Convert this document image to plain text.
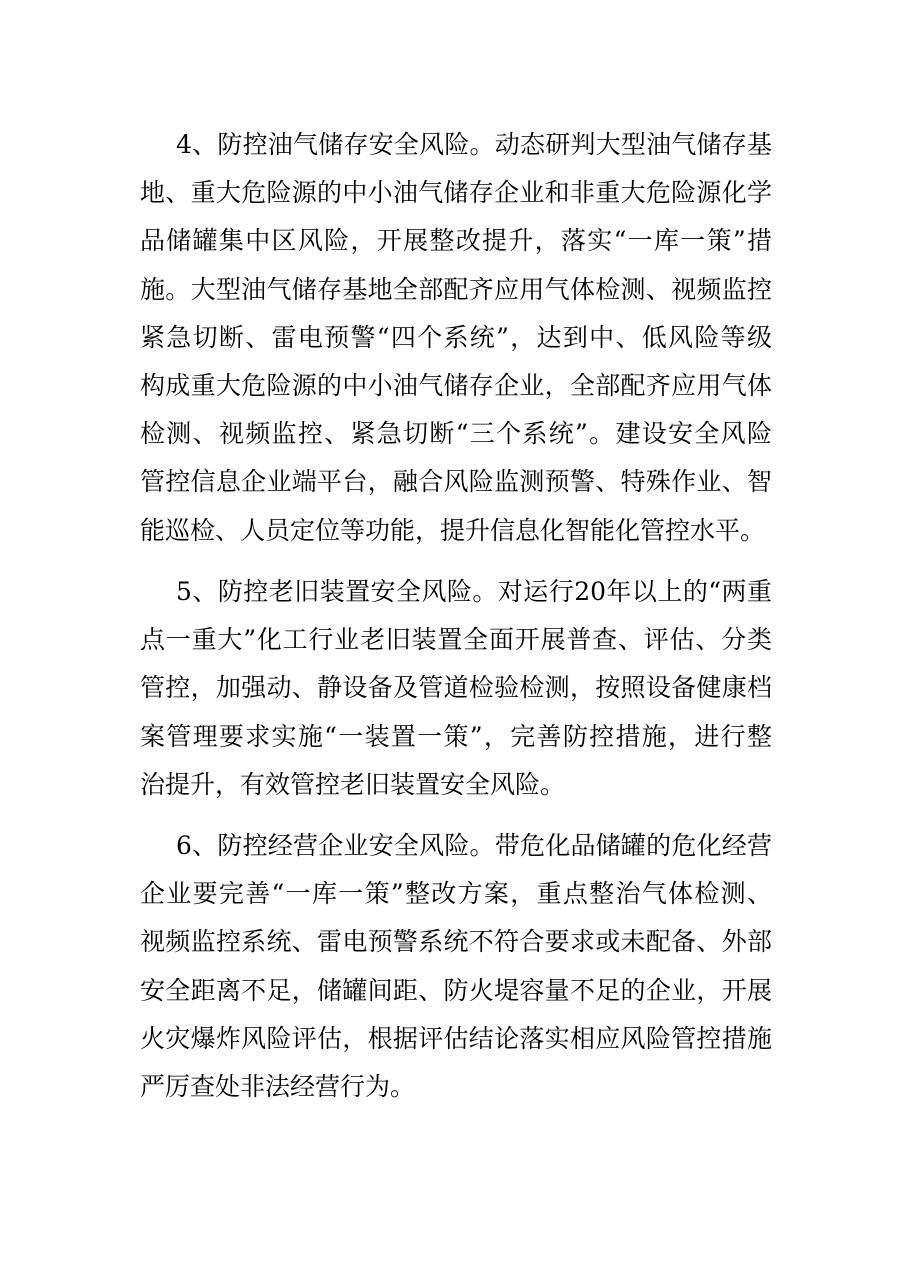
4、防控油气储存安全风险。动态研判大型油气储存基
地、重大危险源的中小油气储存企业和非重大危险源化学
品储罐集中区风险，开展整改提升，落实“一库一策”措
施。大型油气储存基地全部配齐应用气体检测、视频监控
紧急切断、雷电预警“四个系统”，达到中、低风险等级
构成重大危险源的中小油气储存企业，全部配齐应用气体
检测、视频监控、紧急切断“三个系统”。建设安全风险
管控信息企业端平台，融合风险监测预警、特殊作业、智
能巡检、人员定位等功能，提升信息化智能化管控水平。
5、防控老旧装置安全风险。对运行20年以上的“两重
点一重大”化工行业老旧装置全面开展普查、评估、分类
管控，加强动、静设备及管道检验检测，按照设备健康档
案管理要求实施“一装置一策”，完善防控措施，进行整
治提升，有效管控老旧装置安全风险。
6、防控经营企业安全风险。带危化品储罐的危化经营
企业要完善“一库一策”整改方案，重点整治气体检测、
视频监控系统、雷电预警系统不符合要求或未配备、外部
安全距离不足，储罐间距、防火堤容量不足的企业，开展
火灾爆炸风险评估，根据评估结论落实相应风险管控措施
严厉查处非法经营行为。
